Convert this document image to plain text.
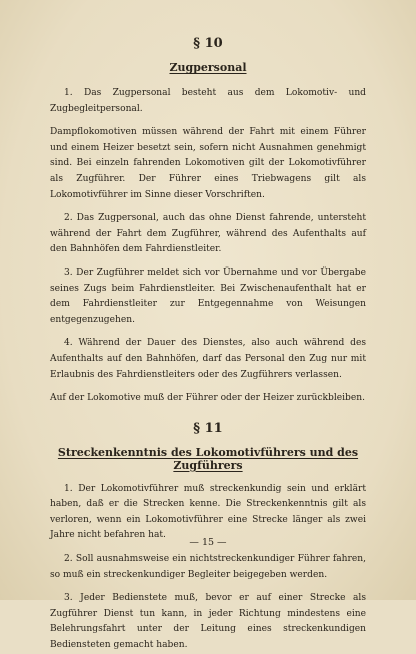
§ 10
Zugpersonal

1. Das Zugpersonal besteht aus dem Lokomotiv- und Zugbegleitpersonal.

Dampflokomotiven müssen während der Fahrt mit einem Führer und einem Heizer besetzt sein, sofern nicht Ausnahmen genehmigt sind. Bei einzeln fahrenden Lokomotiven gilt der Lokomotivführer als Zugführer. Der Führer eines Triebwagens gilt als Lokomotivführer im Sinne dieser Vorschriften.

2. Das Zugpersonal, auch das ohne Dienst fahrende, untersteht während der Fahrt dem Zugführer, während des Aufenthalts auf den Bahnhöfen dem Fahrdienstleiter.

3. Der Zugführer meldet sich vor Übernahme und vor Übergabe seines Zugs beim Fahrdienstleiter. Bei Zwischenaufenthalt hat er dem Fahrdienstleiter zur Entgegennahme von Weisungen entgegenzugehen.

4. Während der Dauer des Dienstes, also auch während des Aufenthalts auf den Bahnhöfen, darf das Personal den Zug nur mit Erlaubnis des Fahrdienstleiters oder des Zugführers verlassen.

Auf der Lokomotive muß der Führer oder der Heizer zurückbleiben.

§ 11
Streckenkenntnis des Lokomotivführers und des Zugführers

1. Der Lokomotivführer muß streckenkundig sein und erklärt haben, daß er die Strecken kenne. Die Streckenkenntnis gilt als verloren, wenn ein Lokomotivführer eine Strecke länger als zwei Jahre nicht befahren hat.

2. Soll ausnahmsweise ein nichtstreckenkundiger Führer fahren, so muß ein streckenkundiger Begleiter beigegeben werden.

3. Jeder Bedienstete muß, bevor er auf einer Strecke als Zugführer Dienst tun kann, in jeder Richtung mindestens eine Belehrungsfahrt unter der Leitung eines streckenkundigen Bediensteten gemacht haben.

— 15 —
